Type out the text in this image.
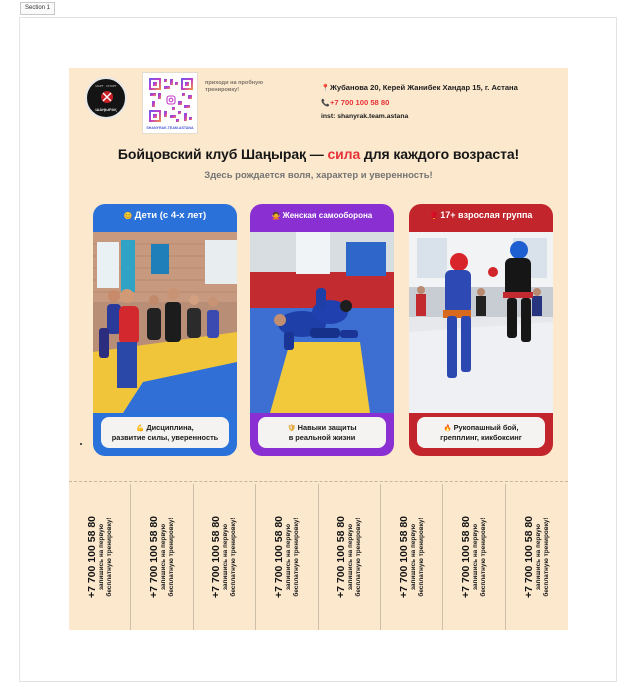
Section 1
МАРТ · СПОРТ
ШАҢЫРАҚ
SHANYRAK.TEAM.ASTANA
приходи на пробную тренировку!	📍Жубанова 20, Керей Жанибек Хандар 15, г. Астана
📞+7 700 100 58 80
inst: shanyrak.team.astana
Бойцовский клуб Шаңырақ — сила для каждого возраста!
Здесь рождается воля, характер и уверенность!
😊 Дети (с 4-х лет)
💪 Дисциплина,
развитие силы, уверенность
🙅 Женская самооборона
🛡 Навыки защиты
в реальной жизни
🥊 17+ взрослая группа
🔥 Рукопашный бой,
грепплинг, кикбоксинг
+7 700 100 58 80 запишись на первую бесплатную тренировку!	+7 700 100 58 80 запишись на первую бесплатную тренировку!	+7 700 100 58 80 запишись на первую бесплатную тренировку!	+7 700 100 58 80 запишись на первую бесплатную тренировку!	+7 700 100 58 80 запишись на первую бесплатную тренировку!	+7 700 100 58 80 запишись на первую бесплатную тренировку!	+7 700 100 58 80 запишись на первую бесплатную тренировку!	+7 700 100 58 80 запишись на первую бесплатную тренировку!
